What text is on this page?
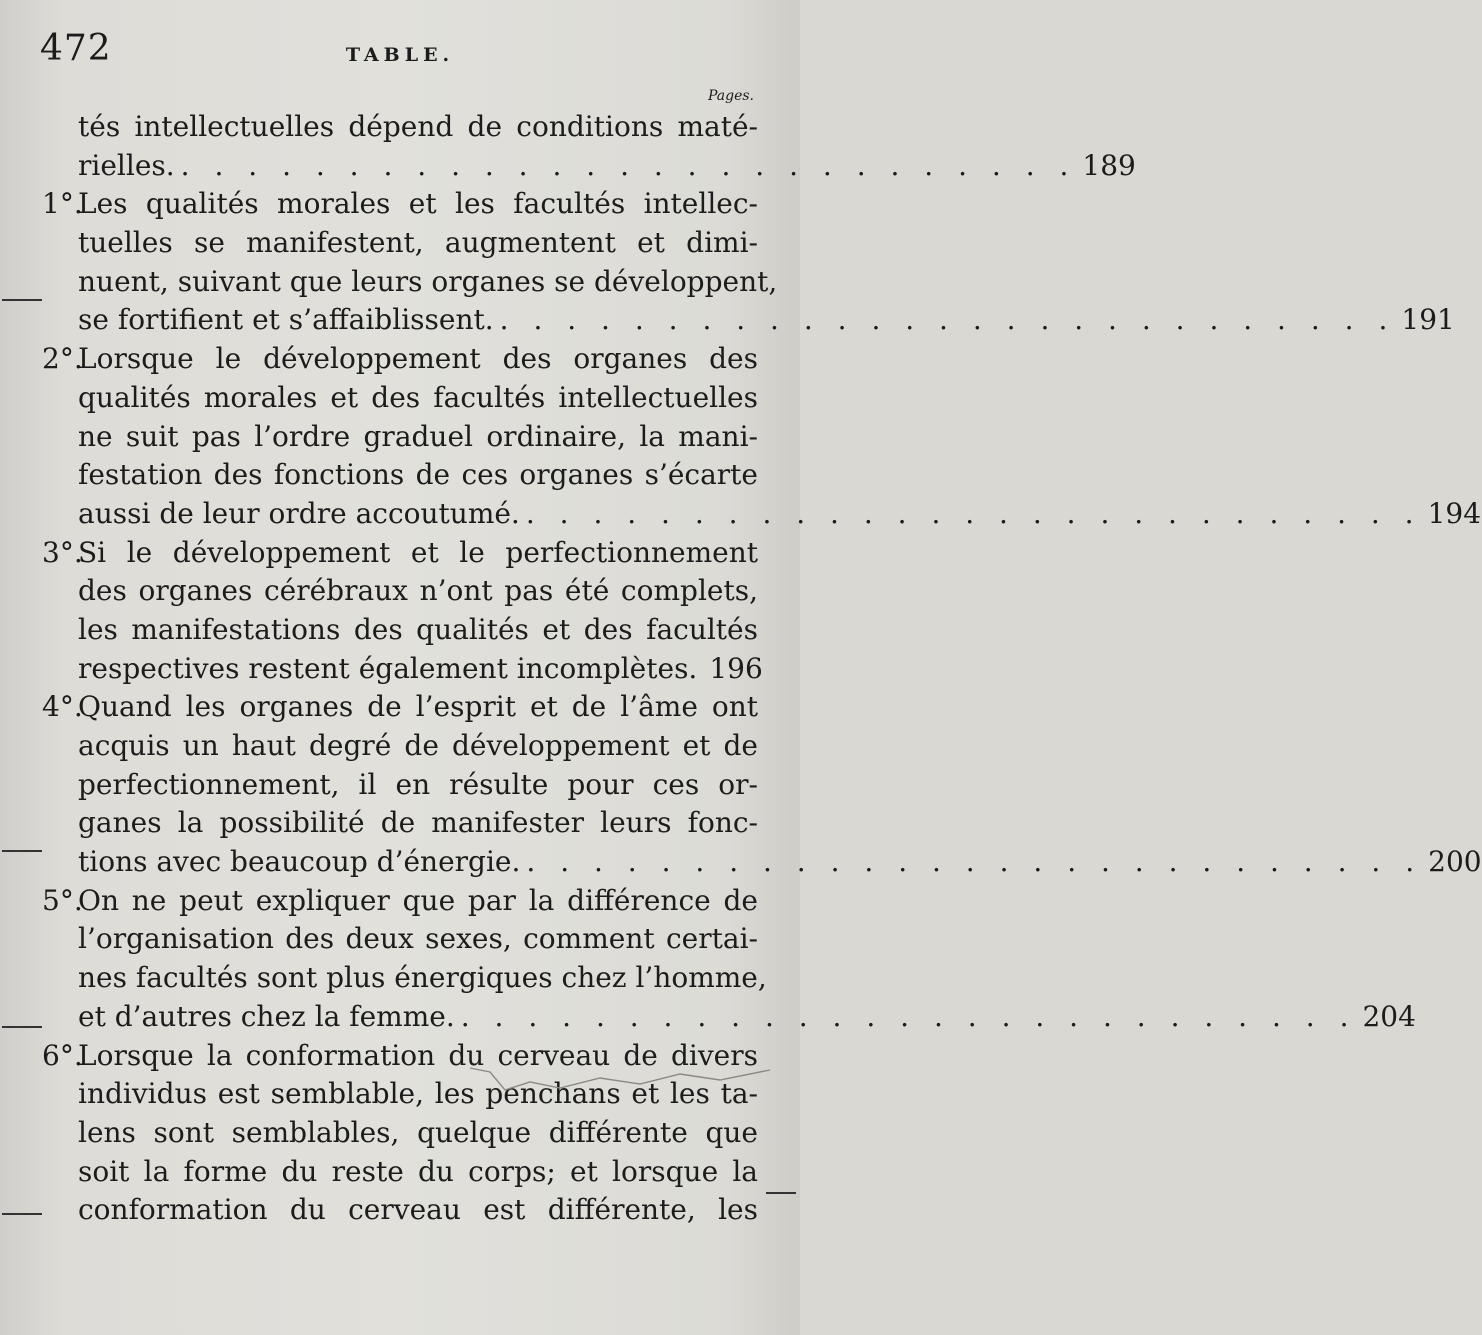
472	TABLE.
Pages.
tés intellectuelles dépend de conditions maté-
rielles. . . . . . . . . . . . . . . . . . . . . . . . . . . . 189
1°.
Les qualités morales et les facultés intellec-
tuelles se manifestent, augmentent et dimi-
nuent, suivant que leurs organes se développent,
se fortifient et s’affaiblissent. . . . . . . . . . . . . . . . . . . . . . . . . . . . 191
2°.
Lorsque le développement des organes des
qualités morales et des facultés intellectuelles
ne suit pas l’ordre graduel ordinaire, la mani-
festation des fonctions de ces organes s’écarte
aussi de leur ordre accoutumé. . . . . . . . . . . . . . . . . . . . . . . . . . . . 194
3°.
Si le développement et le perfectionnement
des organes cérébraux n’ont pas été complets,
les manifestations des qualités et des facultés
respectives restent également incomplètes. 196
4°.
Quand les organes de l’esprit et de l’âme ont
acquis un haut degré de développement et de
perfectionnement, il en résulte pour ces or-
ganes la possibilité de manifester leurs fonc-
tions avec beaucoup d’énergie. . . . . . . . . . . . . . . . . . . . . . . . . . . . 200
5°.
On ne peut expliquer que par la différence de
l’organisation des deux sexes, comment certai-
nes facultés sont plus énergiques chez l’homme,
et d’autres chez la femme. . . . . . . . . . . . . . . . . . . . . . . . . . . . 204
6°.
Lorsque la conformation du cerveau de divers
individus est semblable, les penchans et les ta-
lens sont semblables, quelque différente que
soit la forme du reste du corps; et lorsque la
conformation du cerveau est différente, les
